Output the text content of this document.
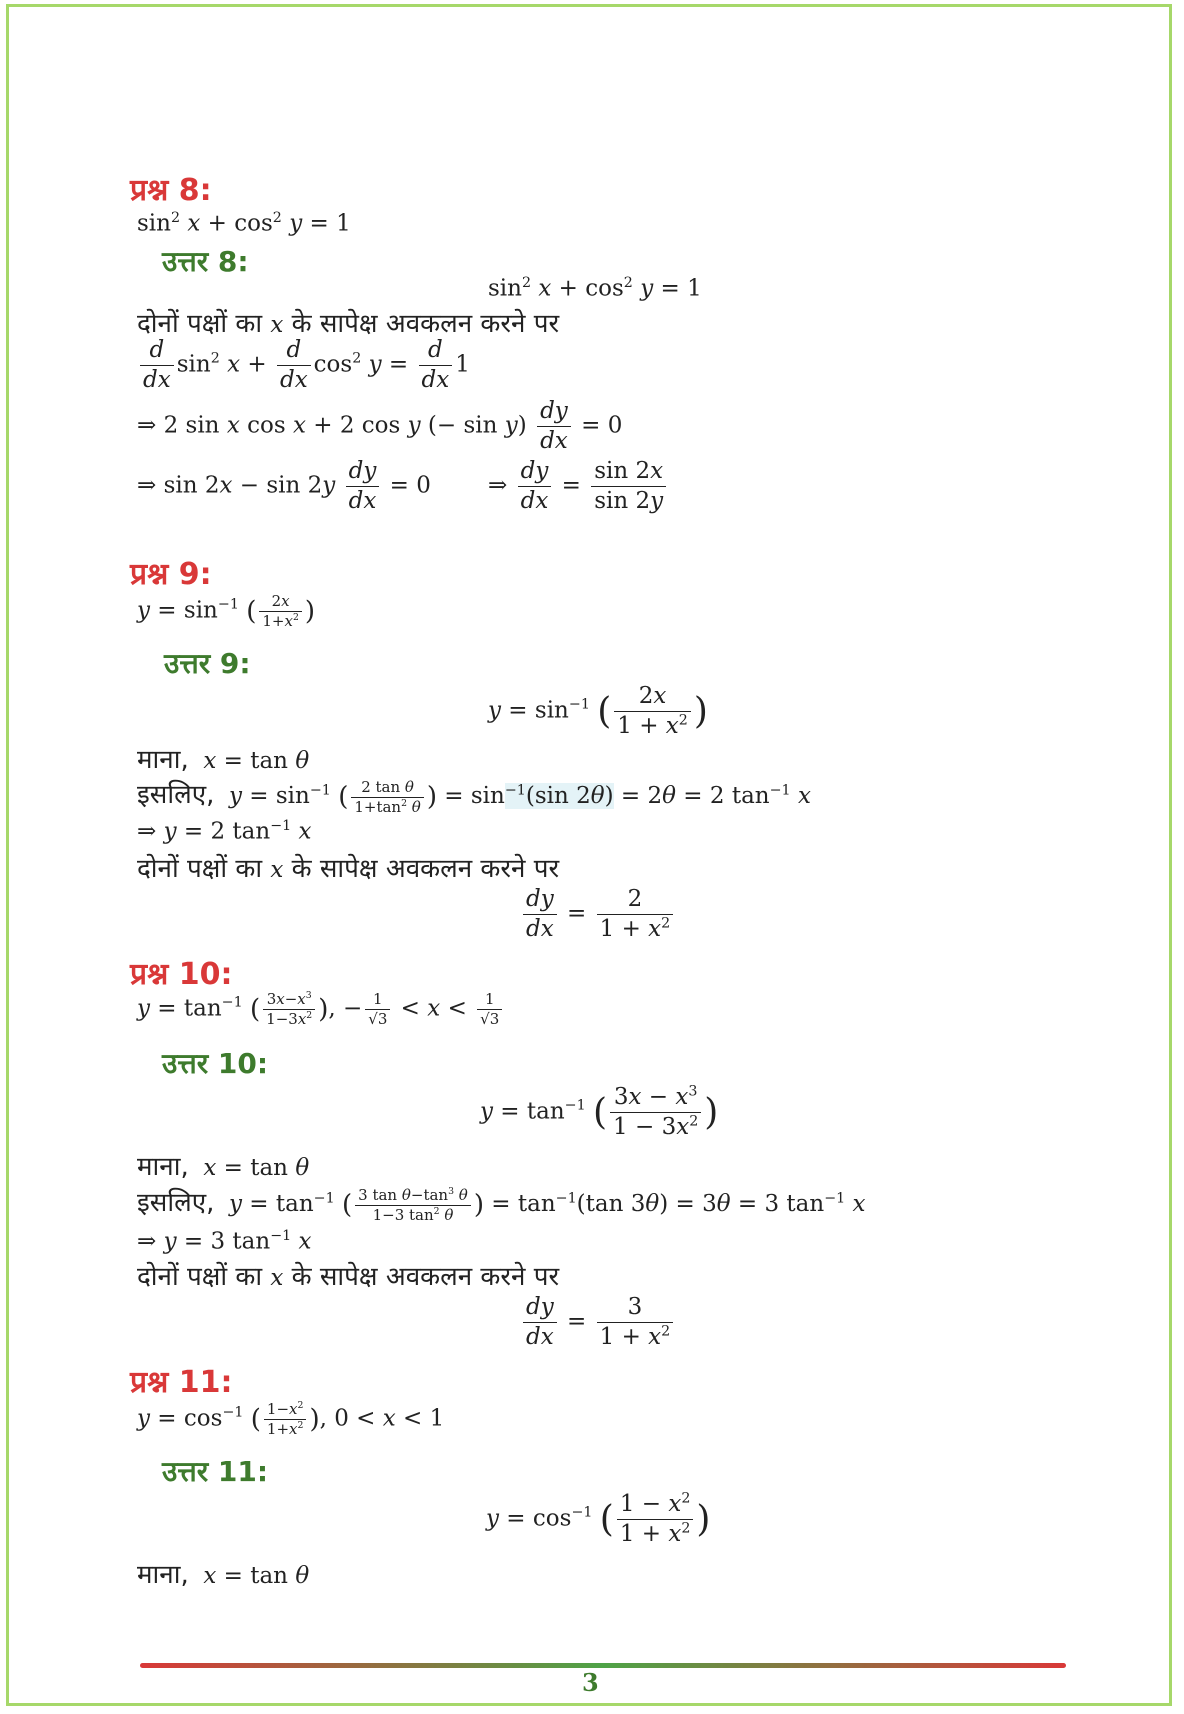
प्रश्न 8:
$\sin^2 x + \cos^2 y = 1$
उत्तर 8:
$\sin^2 x + \cos^2 y = 1$
दोनों पक्षों का x के सापेक्ष अवकलन करने पर
$\frac{d}{dx} \sin^2 x + \frac{d}{dx} \cos^2 y = \frac{d}{dx} 1$
⇒ 2 sin x cos x + 2 cos y (− $\sin y) \frac{dy}{dx} = 0$
⇒ $\sin 2x - \sin 2y \frac{dy}{dx} = 0$ ⇒ $\frac{dy}{dx} = \frac{\sin 2x}{\sin 2y}$
प्रश्न 9:
$y = \sin^{-1}$ ( $\frac{2x}{1+x^2}$ )
उत्तर 9:
$y = \sin^{-1}$ ( $\frac{2x}{1 + x^2}$ )
माना, x = tan θ
इसलिए, $y = \sin^{-1}$ ( $\frac{\text{2 tan θ}}{1+\tan^2 \theta}$ ) = $\sin^{-1}(\sin$ 2θ) = 2θ = 2 $\tan^{-1} x$
⇒ y = 2 $\tan^{-1} x$
दोनों पक्षों का x के सापेक्ष अवकलन करने पर
$\frac{dy}{dx} = \frac{2}{1 + x^2}$
प्रश्न 10:
$y = \tan^{-1}$ ( $\frac{3x-x^3}{1-3x^2}$ ), − $\frac{1}{√3} < x < \frac{1}{√3}$
उत्तर 10:
$y = \tan^{-1}$ ( $\frac{3x - x^3}{1 - 3x^2}$ )
माना, x = tan θ
इसलिए, $y = \tan^{-1}$ ( $\frac{3 \tan \theta-\tan^3 \theta}{1-3 \tan^2 \theta}$ ) = $\tan^{-1}(\tan$ 3θ) = 3θ = 3 $\tan^{-1} x$
⇒ y = 3 $\tan^{-1} x$
दोनों पक्षों का x के सापेक्ष अवकलन करने पर
$\frac{dy}{dx} = \frac{3}{1 + x^2}$
प्रश्न 11:
$y = \cos^{-1}$ ( $\frac{1-x^2}{1+x^2}$ ), 0 < x < 1
उत्तर 11:
$y = \cos^{-1}$ ( $\frac{1 - x^2}{1 + x^2}$ )
माना, x = tan θ
3
